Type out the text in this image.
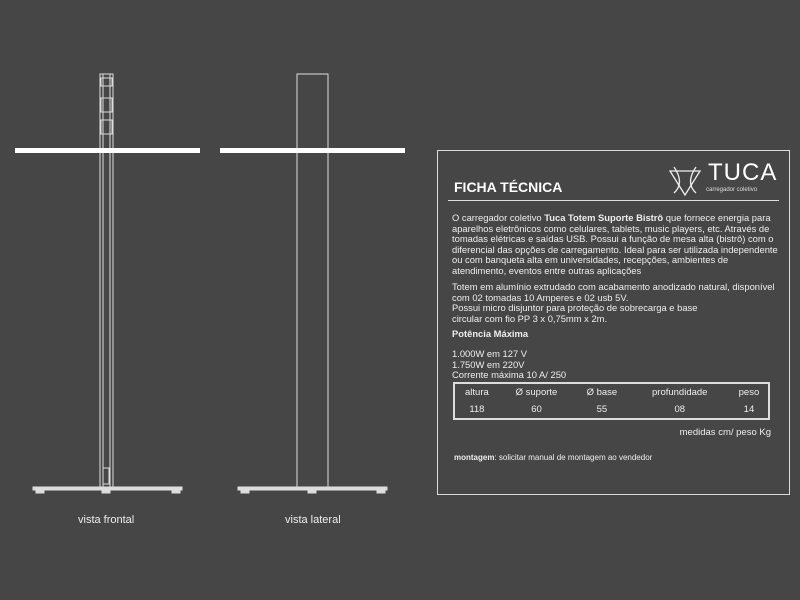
vista frontal	vista lateral
FICHA TÉCNICA
TUCA
carregador coletivo
O carregador coletivo Tuca Totem Suporte Bistrô que fornece energia para aparelhos eletrônicos como celulares, tablets, music players, etc. Através de tomadas elétricas e saídas USB. Possui a função de mesa alta (bistrô) com o diferencial das opções de carregamento. Ideal para ser utilizada independente ou com banqueta alta em universidades, recepções, ambientes de atendimento, eventos entre outras aplicações
Totem em alumínio extrudado com acabamento anodizado natural, disponível
com 02 tomadas 10 Amperes e 02 usb 5V.
Possui micro disjuntor para proteção de sobrecarga e base
circular com fio PP 3 x 0,75mm x 2m.
Potência Máxima
1.000W em 127 V
1.750W em 220V
Corrente máxima 10 A/ 250
altura	Ø suporte	Ø base	profundidade	peso
118	60	55	08	14
medidas cm/ peso Kg
montagem: solicitar manual de montagem ao vendedor
